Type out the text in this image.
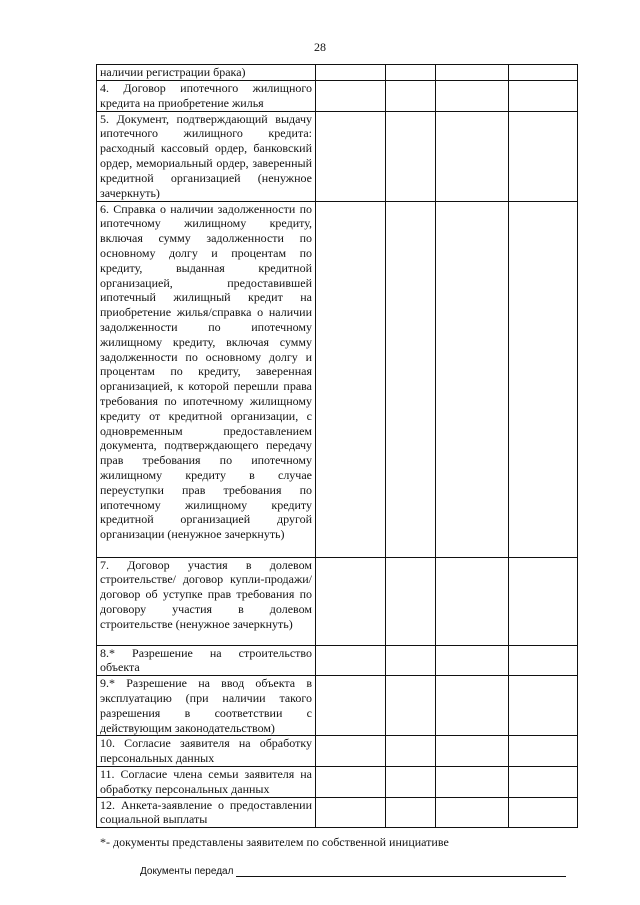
28
наличии регистрации брака)				
4. Договор ипотечного жилищного кредита на приобретение жилья				
5. Документ, подтверждающий выдачу ипотечного жилищного кредита: расходный кассовый ордер, банковский ордер, мемориальный ордер, заверенный кредитной организацией (ненужное зачеркнуть)				
6. Справка о наличии задолженности по ипотечному жилищному кредиту, включая сумму задолженности по основному долгу и процентам по кредиту, выданная кредитной организацией, предоставившей ипотечный жилищный кредит на приобретение жилья/справка о наличии задолженности по ипотечному жилищному кредиту, включая сумму задолженности по основному долгу и процентам по кредиту, заверенная организацией, к которой перешли права требования по ипотечному жилищному кредиту от кредитной организации, с одновременным предоставлением документа, подтверждающего передачу прав требования по ипотечному жилищному кредиту в случае переуступки прав требования по ипотечному жилищному кредиту кредитной организацией другой организации (ненужное зачеркнуть)				
7. Договор участия в долевом строительстве/ договор купли-продажи/ договор об уступке прав требования по договору участия в долевом строительстве (ненужное зачеркнуть)				
8.* Разрешение на строительство объекта				
9.* Разрешение на ввод объекта в эксплуатацию (при наличии такого разрешения в соответствии с действующим законодательством)				
10. Согласие заявителя на обработку персональных данных				
11. Согласие члена семьи заявителя на обработку персональных данных				
12. Анкета-заявление о предоставлении социальной выплаты				
*- документы представлены заявителем по собственной инициативе
Документы передал
